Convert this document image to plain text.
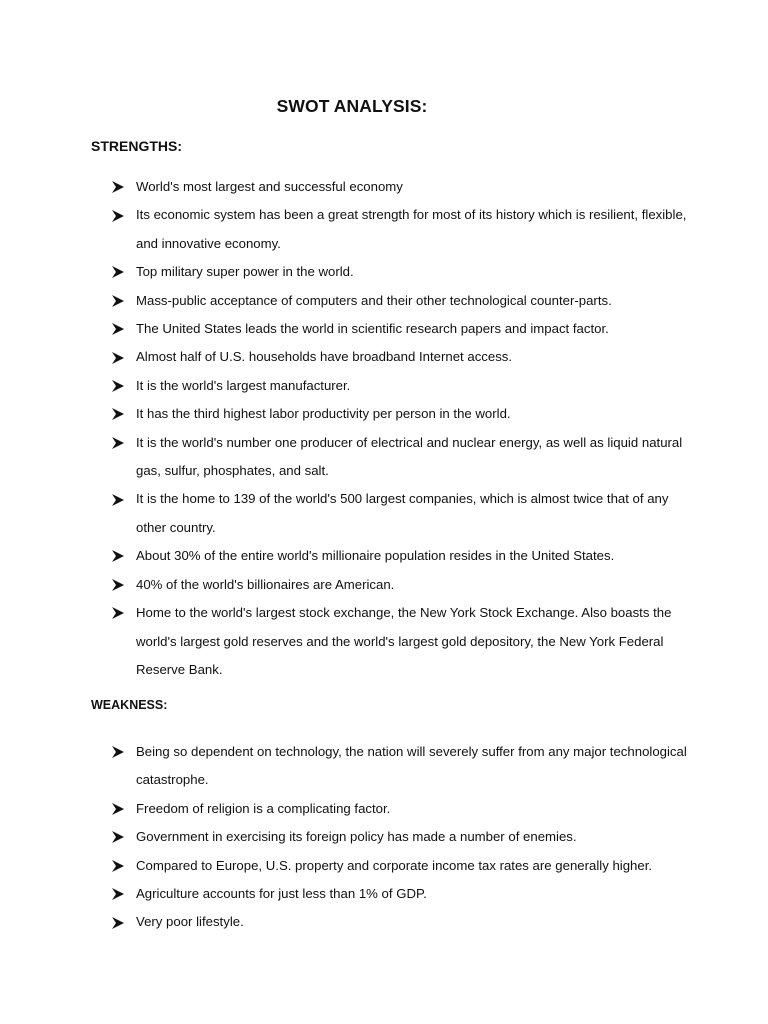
SWOT ANALYSIS:
STRENGTHS:
World's most largest and successful economy
Its economic system has been a great strength for most of its history which is resilient, flexible, and innovative economy.
Top military super power in the world.
Mass-public acceptance of computers and their other technological counter-parts.
The United States leads the world in scientific research papers and impact factor.
Almost half of U.S. households have broadband Internet access.
It is the world's largest manufacturer.
It has the third highest labor productivity per person in the world.
It is the world's number one producer of electrical and nuclear energy, as well as liquid natural gas, sulfur, phosphates, and salt.
It is the home to 139 of the world's 500 largest companies, which is almost twice that of any other country.
About 30% of the entire world's millionaire population resides in the United States.
40% of the world's billionaires are American.
Home to the world's largest stock exchange, the New York Stock Exchange. Also boasts the world's largest gold reserves and the world's largest gold depository, the New York Federal Reserve Bank.
WEAKNESS:
Being so dependent on technology, the nation will severely suffer from any major technological catastrophe.
Freedom of religion is a complicating factor.
Government in exercising its foreign policy has made a number of enemies.
Compared to Europe, U.S. property and corporate income tax rates are generally higher.
Agriculture accounts for just less than 1% of GDP.
Very poor lifestyle.
